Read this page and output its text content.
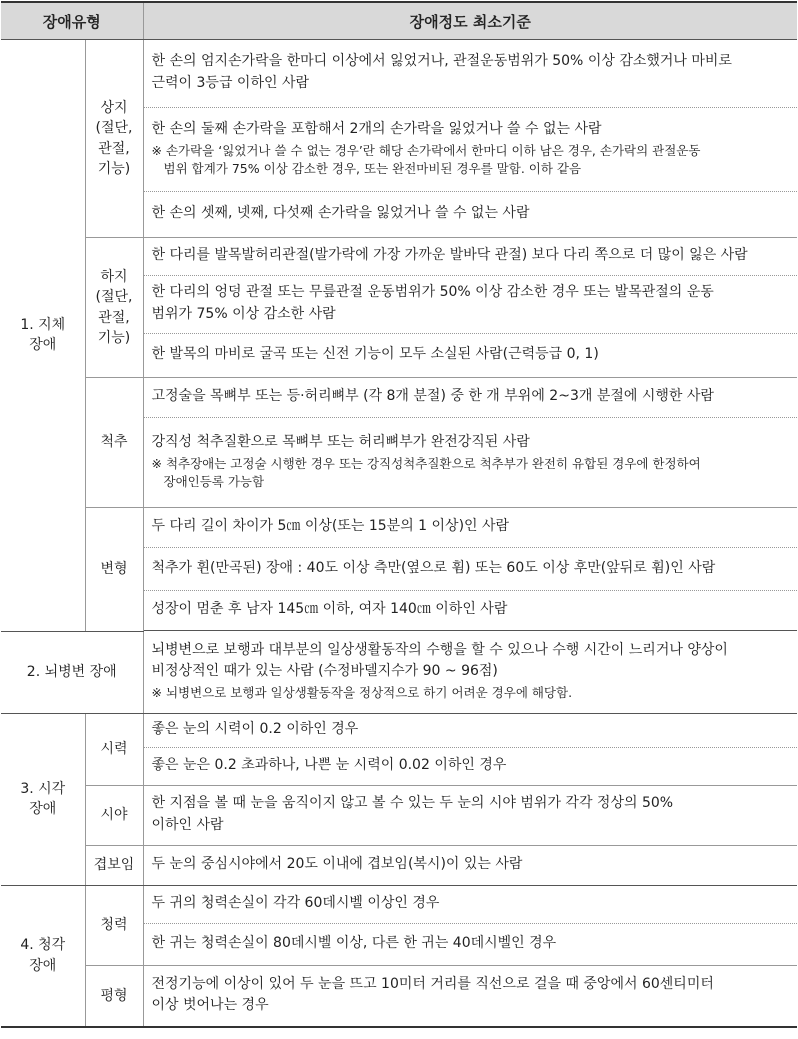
장애유형		장애정도 최소기준

1. 지체
장애	상지
(절단,
관절,
기능)	한 손의 엄지손가락을 한마디 이상에서 잃었거나, 관절운동범위가 50% 이상 감소했거나 마비로
근력이 3등급 이하인 사람

		한 손의 둘째 손가락을 포함해서 2개의 손가락을 잃었거나 쓸 수 없는 사람
※ 손가락을 ‘잃었거나 쓸 수 없는 경우’란 해당 손가락에서 한마디 이하 남은 경우, 손가락의 관절운동
범위 합계가 75% 이상 감소한 경우, 또는 완전마비된 경우를 말함. 이하 같음

		한 손의 셋째, 넷째, 다섯째 손가락을 잃었거나 쓸 수 없는 사람

	하지
(절단,
관절,
기능)	한 다리를 발목발허리관절(발가락에 가장 가까운 발바닥 관절) 보다 다리 쪽으로 더 많이 잃은 사람

		한 다리의 엉덩 관절 또는 무릎관절 운동범위가 50% 이상 감소한 경우 또는 발목관절의 운동
범위가 75% 이상 감소한 사람

		한 발목의 마비로 굴곡 또는 신전 기능이 모두 소실된 사람(근력등급 0, 1)
	척추	고정술을 목뼈부 또는 등·허리뼈부 (각 8개 분절) 중 한 개 부위에 2~3개 분절에 시행한 사람

		강직성 척추질환으로 목뼈부 또는 허리뼈부가 완전강직된 사람
※ 척추장애는 고정술 시행한 경우 또는 강직성척추질환으로 척추부가 완전히 유합된 경우에 한정하여
장애인등록 가능함

	변형	두 다리 길이 차이가 5㎝ 이상(또는 15분의 1 이상)인 사람
		척추가 휜(만곡된) 장애 : 40도 이상 측만(옆으로 휨) 또는 60도 이상 후만(앞뒤로 휨)인 사람
		성장이 멈춘 후 남자 145㎝ 이하, 여자 140㎝ 이하인 사람

2. 뇌병변 장애		뇌병변으로 보행과 대부분의 일상생활동작의 수행을 할 수 있으나 수행 시간이 느리거나 양상이
비정상적인 때가 있는 사람 (수정바델지수가 90 ~ 96점)
※ 뇌병변으로 보행과 일상생활동작을 정상적으로 하기 어려운 경우에 해당함.

3. 시각
장애	시력	좋은 눈의 시력이 0.2 이하인 경우
		좋은 눈은 0.2 초과하나, 나쁜 눈 시력이 0.02 이하인 경우
	시야	한 지점을 볼 때 눈을 움직이지 않고 볼 수 있는 두 눈의 시야 범위가 각각 정상의 50%
이하인 사람

	겹보임	두 눈의 중심시야에서 20도 이내에 겹보임(복시)이 있는 사람

4. 청각
장애	청력	두 귀의 청력손실이 각각 60데시벨 이상인 경우
		한 귀는 청력손실이 80데시벨 이상, 다른 한 귀는 40데시벨인 경우
	평형	전정기능에 이상이 있어 두 눈을 뜨고 10미터 거리를 직선으로 걸을 때 중앙에서 60센티미터
이상 벗어나는 경우
